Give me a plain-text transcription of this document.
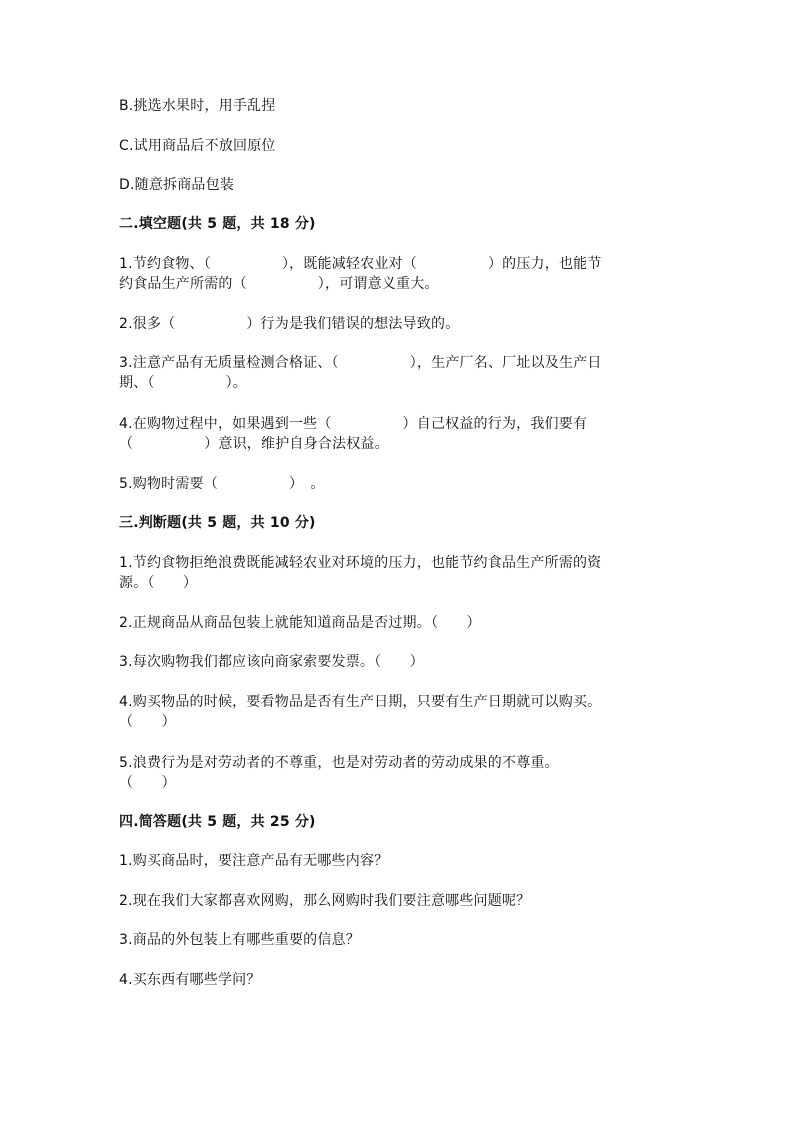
B.挑选水果时，用手乱捏
C.试用商品后不放回原位
D.随意拆商品包装
二.填空题(共 5 题，共 18 分)
1.节约食物、（　　　　　），既能减轻农业对（　　　　　）的压力，也能节
约食品生产所需的（　　　　　），可谓意义重大。
2.很多（　　　　　）行为是我们错误的想法导致的。
3.注意产品有无质量检测合格证、（　　　　　），生产厂名、厂址以及生产日
期、（　　　　　）。
4.在购物过程中，如果遇到一些（　　　　　）自己权益的行为，我们要有
（　　　　　）意识，维护自身合法权益。
5.购物时需要（　　　　　）　。
三.判断题(共 5 题，共 10 分)
1.节约食物拒绝浪费既能减轻农业对环境的压力，也能节约食品生产所需的资
源。（　　）
2.正规商品从商品包装上就能知道商品是否过期。（　　）
3.每次购物我们都应该向商家索要发票。（　　）
4.购买物品的时候，要看物品是否有生产日期，只要有生产日期就可以购买。
（　　）
5.浪费行为是对劳动者的不尊重，也是对劳动者的劳动成果的不尊重。
（　　）
四.简答题(共 5 题，共 25 分)
1.购买商品时，要注意产品有无哪些内容？
2.现在我们大家都喜欢网购，那么网购时我们要注意哪些问题呢？
3.商品的外包装上有哪些重要的信息？
4.买东西有哪些学问？
